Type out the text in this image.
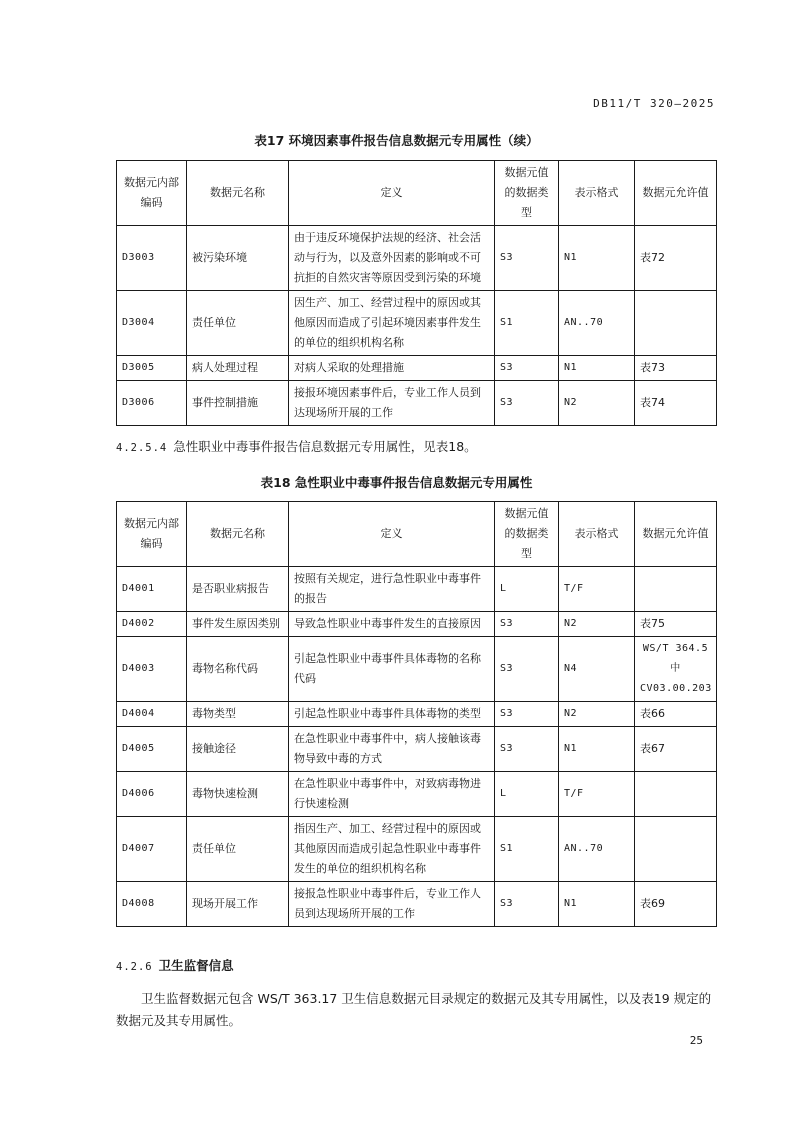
DB11/T 320—2025
表17 环境因素事件报告信息数据元专用属性（续）
数据元内部编码	数据元名称	定义	数据元值的数据类型	表示格式	数据元允许值
D3003	被污染环境	由于违反环境保护法规的经济、社会活动与行为，以及意外因素的影响或不可抗拒的自然灾害等原因受到污染的环境	S3	N1	表72
D3004	责任单位	因生产、加工、经营过程中的原因或其他原因而造成了引起环境因素事件发生的单位的组织机构名称	S1	AN..70	
D3005	病人处理过程	对病人采取的处理措施	S3	N1	表73
D3006	事件控制措施	接报环境因素事件后，专业工作人员到达现场所开展的工作	S3	N2	表74
4.2.5.4 急性职业中毒事件报告信息数据元专用属性，见表18。
表18 急性职业中毒事件报告信息数据元专用属性
数据元内部编码	数据元名称	定义	数据元值的数据类型	表示格式	数据元允许值
D4001	是否职业病报告	按照有关规定，进行急性职业中毒事件的报告	L	T/F	
D4002	事件发生原因类别	导致急性职业中毒事件发生的直接原因	S3	N2	表75
D4003	毒物名称代码	引起急性职业中毒事件具体毒物的名称代码	S3	N4	WS/T 364.5 中 CV03.00.203
D4004	毒物类型	引起急性职业中毒事件具体毒物的类型	S3	N2	表66
D4005	接触途径	在急性职业中毒事件中，病人接触该毒物导致中毒的方式	S3	N1	表67
D4006	毒物快速检测	在急性职业中毒事件中，对致病毒物进行快速检测	L	T/F	
D4007	责任单位	指因生产、加工、经营过程中的原因或其他原因而造成引起急性职业中毒事件发生的单位的组织机构名称	S1	AN..70	
D4008	现场开展工作	接报急性职业中毒事件后，专业工作人员到达现场所开展的工作	S3	N1	表69
4.2.6 卫生监督信息
卫生监督数据元包含 WS/T 363.17 卫生信息数据元目录规定的数据元及其专用属性，以及表19 规定的数据元及其专用属性。
25
